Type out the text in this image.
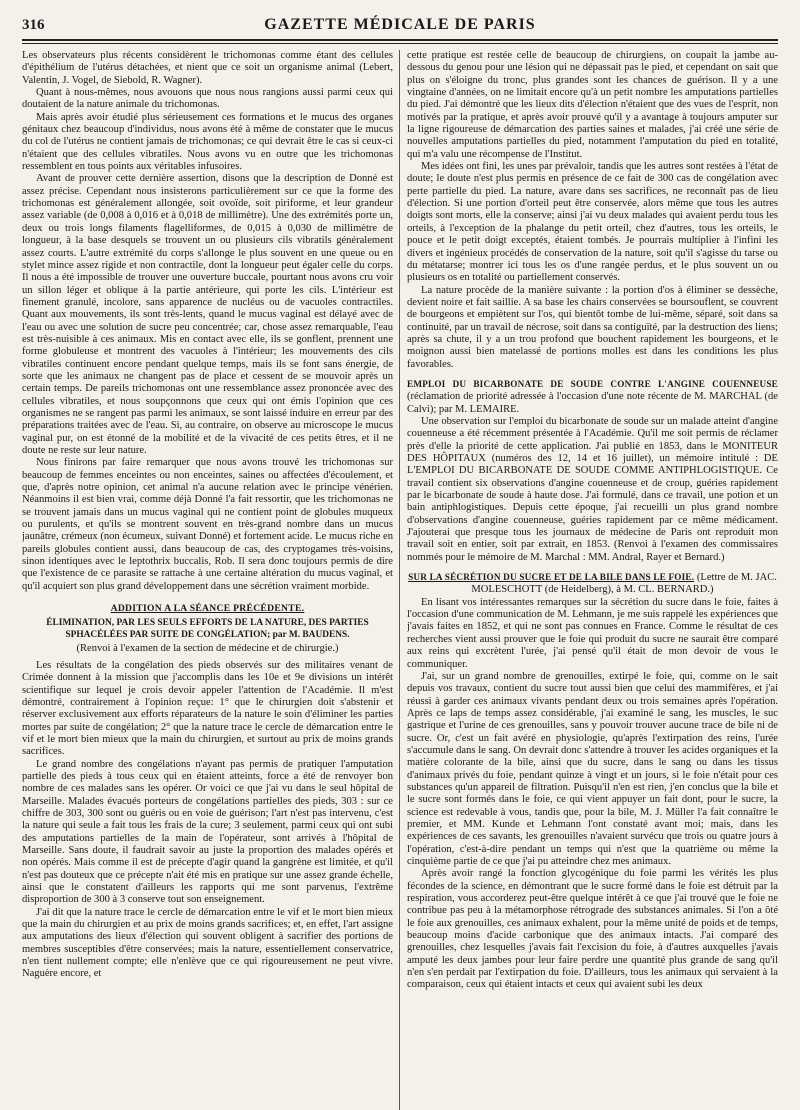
316	GAZETTE MÉDICALE DE PARIS

Les observateurs plus récents considèrent le trichomonas comme étant des cellules d'épithélium de l'utérus détachées, et nient que ce soit un organisme animal (Lebert, Valentin, J. Vogel, de Siebold, R. Wagner).

Quant à nous-mêmes, nous avouons que nous nous rangions aussi parmi ceux qui doutaient de la nature animale du trichomonas.

Mais après avoir étudié plus sérieusement ces formations et le mucus des organes génitaux chez beaucoup d'individus, nous avons été à même de constater que le mucus du col de l'utérus ne contient jamais de trichomonas; ce qui devrait être le cas si ceux-ci n'étaient que des cellules vibratiles. Nous avons vu en outre que les trichomonas ressemblent en tous points aux véritables infusoires.

Avant de prouver cette dernière assertion, disons que la description de Donné est assez précise. Cependant nous insisterons particulièrement sur ce que la forme des trichomonas est généralement allongée, soit ovoïde, soit piriforme, et leur grandeur assez variable (de 0,008 à 0,016 et à 0,018 de millimètre). Une des extrémités porte un, deux ou trois longs filaments flagelliformes, de 0,015 à 0,030 de millimètre de longueur, à la base desquels se trouvent un ou plusieurs cils vibratils généralement assez courts. L'autre extrémité du corps s'allonge le plus souvent en une queue ou en stylet mince assez rigide et non contractile, dont la longueur peut égaler celle du corps. Il nous a été impossible de trouver une ouverture buccale, pourtant nous avons cru voir un sillon léger et oblique à la partie antérieure, qui porte les cils. L'intérieur est finement granulé, incolore, sans apparence de nucléus ou de vacuoles contractiles. Quant aux mouvements, ils sont très-lents, quand le mucus vaginal est délayé avec de l'eau ou avec une solution de sucre peu concentrée; car, chose assez remarquable, l'eau est très-nuisible à ces animaux. Mis en contact avec elle, ils se gonflent, prennent une forme globuleuse et montrent des vacuoles à l'intérieur; les mouvements des cils vibratiles continuent encore pendant quelque temps, mais ils se font sans énergie, de sorte que les animaux ne changent pas de place et cessent de se mouvoir après un certain temps. De pareils trichomonas ont une ressemblance assez prononcée avec des cellules vibratiles, et nous soupçonnons que ceux qui ont émis l'opinion que ces organismes ne se rangent pas parmi les animaux, se sont laissé induire en erreur par des préparations traitées avec de l'eau. Si, au contraire, on observe au microscope le mucus vaginal pur, on est étonné de la mobilité et de la vivacité de ces petits êtres, et il ne doute ne reste sur leur nature.

Nous finirons par faire remarquer que nous avons trouvé les trichomonas sur beaucoup de femmes enceintes ou non enceintes, saines ou affectées d'écoulement, et que, d'après notre opinion, cet animal n'a aucune relation avec le principe vénérien. Néanmoins il est bien vrai, comme déjà Donné l'a fait ressortir, que les trichomonas ne se trouvent jamais dans un mucus vaginal qui ne contient point de globules muqueux ou purulents, et qu'ils se montrent souvent en très-grand nombre dans un mucus jaunâtre, crémeux (non écumeux, suivant Donné) et fortement acide. Le mucus riche en pareils globules contient aussi, dans beaucoup de cas, des cryptogames très-voisins, sinon identiques avec le leptothrix buccalis, Rob. Il sera donc toujours permis de dire que l'existence de ce parasite se rattache à une certaine altération du mucus vaginal, et qu'il acquiert son plus grand développement dans une sécrétion vraiment morbide.

ADDITION A LA SÉANCE PRÉCÉDENTE.
ÉLIMINATION, PAR LES SEULS EFFORTS DE LA NATURE, DES PARTIES SPHACÉLÉES PAR SUITE DE CONGÉLATION; par M. BAUDENS.
(Renvoi à l'examen de la section de médecine et de chirurgie.)

Les résultats de la congélation des pieds observés sur des militaires venant de Crimée donnent à la mission que j'accomplis dans les 10e et 9e divisions un intérêt scientifique sur lequel je crois devoir appeler l'attention de l'Académie. Il m'est démontré, contrairement à l'opinion reçue: 1° que le chirurgien doit s'abstenir et réserver exclusivement aux efforts réparateurs de la nature le soin d'éliminer les parties mortes par suite de congélation; 2° que la nature trace le cercle de démarcation entre le vif et le mort bien mieux que la main du chirurgien, et surtout au prix de moins grands sacrifices.

Le grand nombre des congélations n'ayant pas permis de pratiquer l'amputation partielle des pieds à tous ceux qui en étaient atteints, force a été de renvoyer bon nombre de ces malades sans les opérer. Or voici ce que j'ai vu dans le seul hôpital de Marseille. Malades évacués porteurs de congélations partielles des pieds, 303 : sur ce chiffre de 303, 300 sont ou guéris ou en voie de guérison; l'art n'est pas intervenu, c'est la nature qui seule a fait tous les frais de la cure; 3 seulement, parmi ceux qui ont subi des amputations partielles de la main de l'opérateur, sont arrivés à l'hôpital de Marseille. Sans doute, il faudrait savoir au juste la proportion des malades opérés et non opérés. Mais comme il est de précepte d'agir quand la gangrène est limitée, et qu'il n'est pas douteux que ce précepte n'ait été mis en pratique sur une assez grande échelle, ainsi que le constatent d'ailleurs les rapports qui me sont parvenus, l'extrême disproportion de 300 à 3 conserve tout son enseignement.

J'ai dit que la nature trace le cercle de démarcation entre le vif et le mort bien mieux que la main du chirurgien et au prix de moins grands sacrifices; et, en effet, l'art assigne aux amputations des lieux d'élection qui souvent obligent à sacrifier des portions de membres susceptibles d'être conservées; mais la nature, essentiellement conservatrice, n'en tient nullement compte; elle n'enlève que ce qui rigoureusement ne peut vivre. Naguère encore, et

cette pratique est restée celle de beaucoup de chirurgiens, on coupait la jambe au-dessous du genou pour une lésion qui ne dépassait pas le pied, et cependant on sait que plus on s'éloigne du tronc, plus grandes sont les chances de guérison. Il y a une vingtaine d'années, on ne limitait encore qu'à un petit nombre les amputations partielles du pied. J'ai démontré que les lieux dits d'élection n'étaient que des vues de l'esprit, non motivés par la pratique, et après avoir prouvé qu'il y a avantage à toujours amputer sur la ligne rigoureuse de démarcation des parties saines et malades, j'ai créé une série de nouvelles amputations partielles du pied, notamment l'amputation du pied en totalité, qui m'a valu une récompense de l'Institut.

Mes idées ont fini, les unes par prévaloir, tandis que les autres sont restées à l'état de doute; le doute n'est plus permis en présence de ce fait de 300 cas de congélation avec perte partielle du pied. La nature, avare dans ses sacrifices, ne reconnaît pas de lieu d'élection. Si une portion d'orteil peut être conservée, alors même que tous les autres doigts sont morts, elle la conserve; ainsi j'ai vu deux malades qui avaient perdu tous les orteils, à l'exception de la phalange du petit orteil, chez d'autres, tous les orteils, le pouce et le petit doigt exceptés, étaient tombés. Je pourrais multiplier à l'infini les divers et ingénieux procédés de conservation de la nature, soit qu'il s'agisse du tarse ou du métatarse; montrer ici tous les os d'une rangée perdus, et le plus souvent un ou plusieurs os en totalité ou partiellement conservés.

La nature procède de la manière suivante : la portion d'os à éliminer se dessèche, devient noire et fait saillie. A sa base les chairs conservées se boursouflent, se couvrent de bourgeons et empiètent sur l'os, qui bientôt tombe de lui-même, séparé, soit dans sa continuité, par un travail de nécrose, soit dans sa contiguïté, par la destruction des liens; après sa chute, il y a un trou profond que bouchent rapidement les bourgeons, et le moignon aussi bien matelassé de portions molles est dans les conditions les plus favorables.

EMPLOI DU BICARBONATE DE SOUDE CONTRE L'ANGINE COUENNEUSE (réclamation de priorité adressée à l'occasion d'une note récente de M. MARCHAL (de Calvi); par M. LEMAIRE.

Une observation sur l'emploi du bicarbonate de soude sur un malade atteint d'angine couenneuse a été récemment présentée à l'Académie. Qu'il me soit permis de réclamer près d'elle la priorité de cette application. J'ai publié en 1853, dans le MONITEUR DES HÔPITAUX (numéros des 12, 14 et 16 juillet), un mémoire intitulé : DE L'EMPLOI DU BICARBONATE DE SOUDE COMME ANTIPHLOGISTIQUE. Ce travail contient six observations d'angine couenneuse et de croup, guéries rapidement par le bicarbonate de soude à haute dose. J'ai formulé, dans ce travail, une potion et un bain antiphlogistiques. Depuis cette époque, j'ai recueilli un plus grand nombre d'observations d'angine couenneuse, guéries rapidement par ce même médicament. J'ajouterai que presque tous les journaux de médecine de Paris ont reproduit mon travail soit en entier, soit par extrait, en 1853. (Renvoi à l'examen des commissaires nommés pour le mémoire de M. Marchal : MM. Andral, Rayer et Bernard.)

SUR LA SÉCRÉTION DU SUCRE ET DE LA BILE DANS LE FOIE. (Lettre de M. JAC. MOLESCHOTT (de Heidelberg), à M. CL. BERNARD.)

En lisant vos intéressantes remarques sur la sécrétion du sucre dans le foie, faites à l'occasion d'une communication de M. Lehmann, je me suis rappelé les expériences que j'avais faites en 1852, et qui ne sont pas connues en France. Comme le résultat de ces recherches vient aussi prouver que le foie qui produit du sucre ne saurait être comparé aux reins qui excrètent l'urée, j'ai pensé qu'il était de mon devoir de vous le communiquer.

J'ai, sur un grand nombre de grenouilles, extirpé le foie, qui, comme on le sait depuis vos travaux, contient du sucre tout aussi bien que celui des mammifères, et j'ai réussi à garder ces animaux vivants pendant deux ou trois semaines après l'opération. Après ce laps de temps assez considérable, j'ai examiné le sang, les muscles, le suc gastrique et l'urine de ces grenouilles, sans y pouvoir trouver aucune trace de bile ni de sucre. Or, c'est un fait avéré en physiologie, qu'après l'extirpation des reins, l'urée s'accumule dans le sang. On devrait donc s'attendre à trouver les acides organiques et la matière colorante de la bile, ainsi que du sucre, dans le sang ou dans les tissus d'animaux privés du foie, pendant quinze à vingt et un jours, si le foie n'était pour ces substances qu'un appareil de filtration. Puisqu'il n'en est rien, j'en conclus que la bile et le sucre sont formés dans le foie, ce qui vient appuyer un fait dont, pour le sucre, la science est redevable à vous, tandis que, pour la bile, M. J. Müller l'a fait connaître le premier, et MM. Kunde et Lehmann l'ont constaté avant moi; mais, dans les expériences de ces savants, les grenouilles n'avaient survécu que trois ou quatre jours à l'opération, c'est-à-dire pendant un temps qui n'est que la quatrième ou même la cinquième partie de ce que j'ai pu atteindre chez mes animaux.

Après avoir rangé la fonction glycogénique du foie parmi les vérités les plus fécondes de la science, en démontrant que le sucre formé dans le foie est détruit par la respiration, vous accorderez peut-être quelque intérêt à ce que j'ai trouvé que le foie ne contribue pas peu à la métamorphose rétrograde des substances animales. Si l'on a ôté le foie aux grenouilles, ces animaux exhalent, pour la même unité de poids et de temps, beaucoup moins d'acide carbonique que des animaux intacts. J'ai comparé des grenouilles, chez lesquelles j'avais fait l'excision du foie, à d'autres auxquelles j'avais amputé les deux jambes pour leur faire perdre une quantité plus grande de sang qu'il n'en s'en perdait par l'extirpation du foie. D'ailleurs, tous les animaux qui servaient à la comparaison, ceux qui étaient intacts et ceux qui avaient subi les deux
